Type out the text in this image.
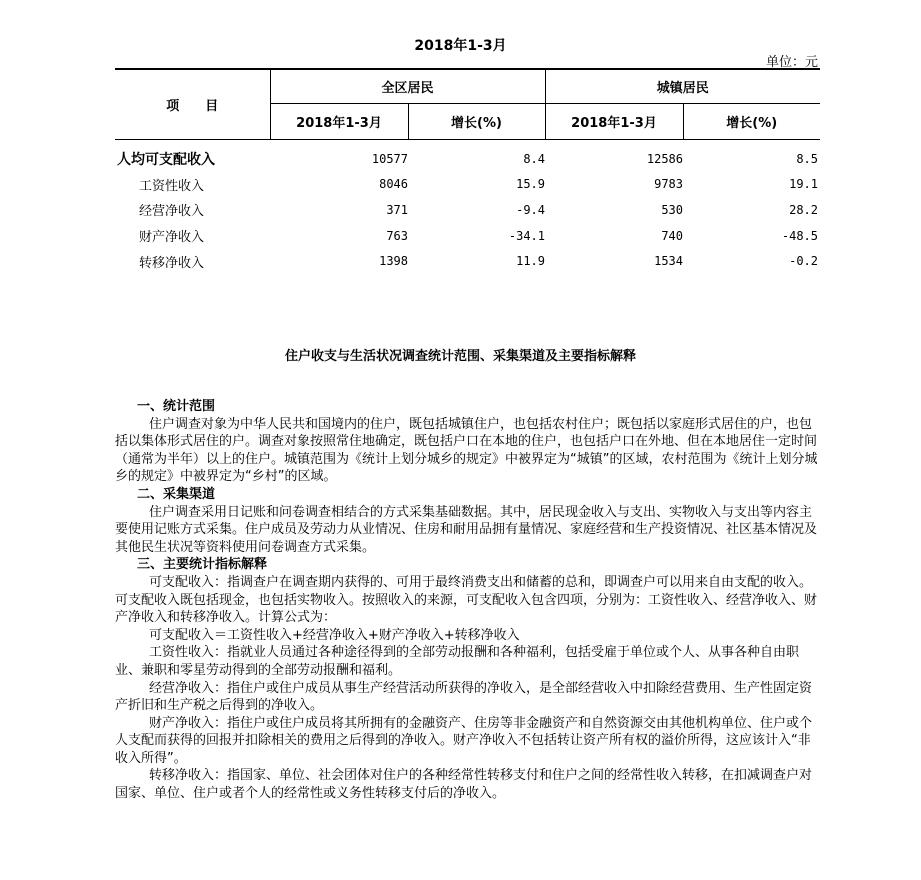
2018年1-3月
单位：元
项　　目	全区居民		城镇居民	
	2018年1-3月	增长(%)	2018年1-3月	增长(%)
人均可支配收入	10577	8.4	12586	8.5
工资性收入	8046	15.9	9783	19.1
经营净收入	371	-9.4	530	28.2
财产净收入	763	-34.1	740	-48.5
转移净收入	1398	11.9	1534	-0.2
住户收支与生活状况调查统计范围、采集渠道及主要指标解释

一、统计范围

住户调查对象为中华人民共和国境内的住户，既包括城镇住户，也包括农村住户；既包括以家庭形式居住的户，也包括以集体形式居住的户。调查对象按照常住地确定，既包括户口在本地的住户，也包括户口在外地、但在本地居住一定时间（通常为半年）以上的住户。城镇范围为《统计上划分城乡的规定》中被界定为“城镇”的区域，农村范围为《统计上划分城乡的规定》中被界定为“乡村”的区域。

二、采集渠道

住户调查采用日记账和问卷调查相结合的方式采集基础数据。其中，居民现金收入与支出、实物收入与支出等内容主要使用记账方式采集。住户成员及劳动力从业情况、住房和耐用品拥有量情况、家庭经营和生产投资情况、社区基本情况及其他民生状况等资料使用问卷调查方式采集。

三、主要统计指标解释

可支配收入：指调查户在调查期内获得的、可用于最终消费支出和储蓄的总和，即调查户可以用来自由支配的收入。可支配收入既包括现金，也包括实物收入。按照收入的来源，可支配收入包含四项，分别为：工资性收入、经营净收入、财产净收入和转移净收入。计算公式为：

可支配收入＝工资性收入+经营净收入+财产净收入+转移净收入

工资性收入：指就业人员通过各种途径得到的全部劳动报酬和各种福利，包括受雇于单位或个人、从事各种自由职业、兼职和零星劳动得到的全部劳动报酬和福利。

经营净收入：指住户或住户成员从事生产经营活动所获得的净收入，是全部经营收入中扣除经营费用、生产性固定资产折旧和生产税之后得到的净收入。

财产净收入：指住户或住户成员将其所拥有的金融资产、住房等非金融资产和自然资源交由其他机构单位、住户或个人支配而获得的回报并扣除相关的费用之后得到的净收入。财产净收入不包括转让资产所有权的溢价所得，这应该计入“非收入所得”。

转移净收入：指国家、单位、社会团体对住户的各种经常性转移支付和住户之间的经常性收入转移，在扣减调查户对国家、单位、住户或者个人的经常性或义务性转移支付后的净收入。
